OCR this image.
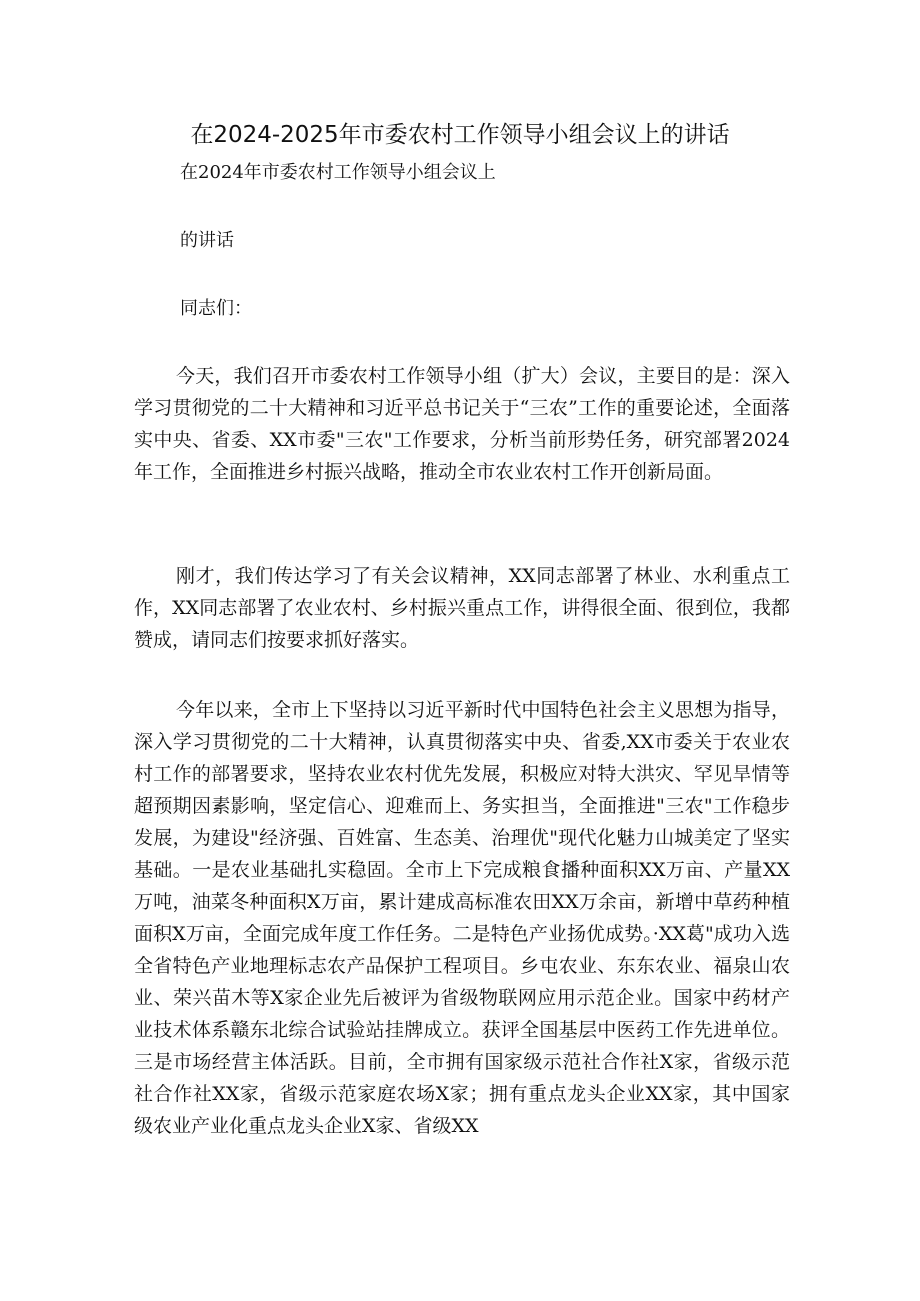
在2024-2025年市委农村工作领导小组会议上的讲话
在2024年市委农村工作领导小组会议上
的讲话
同志们：

今天，我们召开市委农村工作领导小组（扩大）会议，主要目的是：深入学习贯彻党的二十大精神和习近平总书记关于“三农”工作的重要论述，全面落实中央、省委、XX市委"三农"工作要求，分析当前形势任务，研究部署2024年工作，全面推进乡村振兴战略，推动全市农业农村工作开创新局面。

刚才，我们传达学习了有关会议精神，XX同志部署了林业、水利重点工作，XX同志部署了农业农村、乡村振兴重点工作，讲得很全面、很到位，我都赞成，请同志们按要求抓好落实。

今年以来，全市上下坚持以习近平新时代中国特色社会主义思想为指导，深入学习贯彻党的二十大精神，认真贯彻落实中央、省委,XX市委关于农业农村工作的部署要求，坚持农业农村优先发展，积极应对特大洪灾、罕见旱情等超预期因素影响，坚定信心、迎难而上、务实担当，全面推进"三农"工作稳步发展，为建设"经济强、百姓富、生态美、治理优"现代化魅力山城美定了坚实基础。一是农业基础扎实稳固。全市上下完成粮食播种面积XX万亩、产量XX万吨，油菜冬种面积X万亩，累计建成高标准农田XX万余亩，新增中草药种植面积X万亩，全面完成年度工作任务。二是特色产业扬优成势。·XX葛"成功入选全省特色产业地理标志农产品保护工程项目。乡屯农业、东东农业、福泉山农业、荣兴苗木等X家企业先后被评为省级物联网应用示范企业。国家中药材产业技术体系赣东北综合试验站挂牌成立。获评全国基层中医药工作先进单位。三是市场经营主体活跃。目前，全市拥有国家级示范社合作社X家，省级示范社合作社XX家，省级示范家庭农场X家；拥有重点龙头企业XX家，其中国家级农业产业化重点龙头企业X家、省级XX
